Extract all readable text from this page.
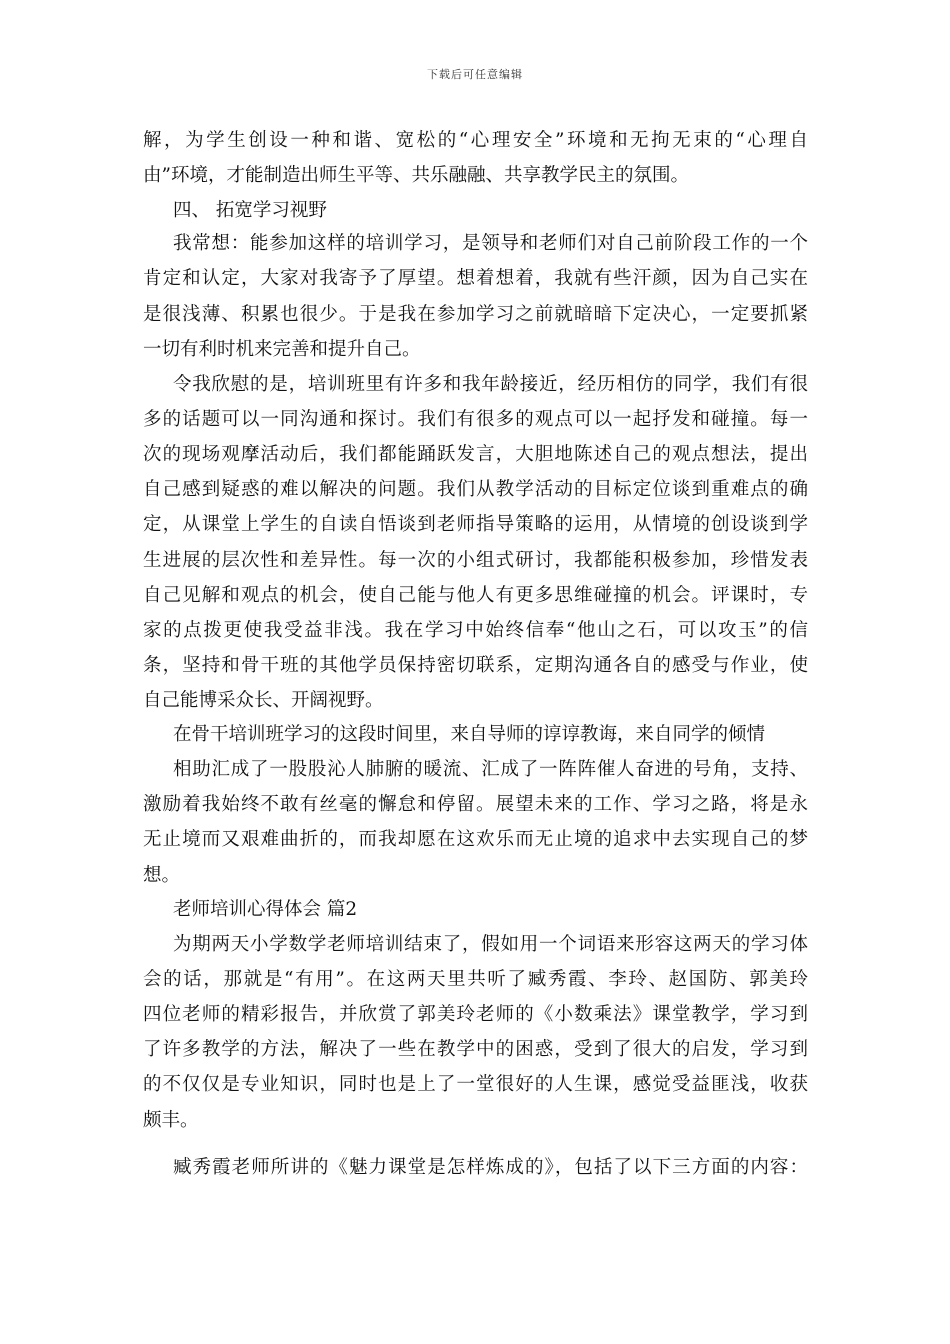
下载后可任意编辑
解，为学生创设一种和谐、宽松的“心理安全”环境和无拘无束的“心理自
由”环境，才能制造出师生平等、共乐融融、共享教学民主的氛围。
四、 拓宽学习视野
我常想：能参加这样的培训学习，是领导和老师们对自己前阶段工作的一个
肯定和认定，大家对我寄予了厚望。想着想着，我就有些汗颜，因为自己实在
是很浅薄、积累也很少。于是我在参加学习之前就暗暗下定决心，一定要抓紧
一切有利时机来完善和提升自己。
令我欣慰的是，培训班里有许多和我年龄接近，经历相仿的同学，我们有很
多的话题可以一同沟通和探讨。我们有很多的观点可以一起抒发和碰撞。每一
次的现场观摩活动后，我们都能踊跃发言，大胆地陈述自己的观点想法，提出
自己感到疑惑的难以解决的问题。我们从教学活动的目标定位谈到重难点的确
定，从课堂上学生的自读自悟谈到老师指导策略的运用，从情境的创设谈到学
生进展的层次性和差异性。每一次的小组式研讨，我都能积极参加，珍惜发表
自己见解和观点的机会，使自己能与他人有更多思维碰撞的机会。评课时，专
家的点拨更使我受益非浅。我在学习中始终信奉“他山之石，可以攻玉”的信
条，坚持和骨干班的其他学员保持密切联系，定期沟通各自的感受与作业，使
自己能博采众长、开阔视野。
在骨干培训班学习的这段时间里，来自导师的谆谆教诲，来自同学的倾情
相助汇成了一股股沁人肺腑的暖流、汇成了一阵阵催人奋进的号角，支持、
激励着我始终不敢有丝毫的懈怠和停留。展望未来的工作、学习之路，将是永
无止境而又艰难曲折的，而我却愿在这欢乐而无止境的追求中去实现自己的梦
想。
老师培训心得体会 篇2
为期两天小学数学老师培训结束了，假如用一个词语来形容这两天的学习体
会的话，那就是“有用”。在这两天里共听了臧秀霞、李玲、赵国防、郭美玲
四位老师的精彩报告，并欣赏了郭美玲老师的《小数乘法》课堂教学，学习到
了许多教学的方法，解决了一些在教学中的困惑，受到了很大的启发，学习到
的不仅仅是专业知识，同时也是上了一堂很好的人生课，感觉受益匪浅，收获
颇丰。
臧秀霞老师所讲的《魅力课堂是怎样炼成的》，包括了以下三方面的内容：
